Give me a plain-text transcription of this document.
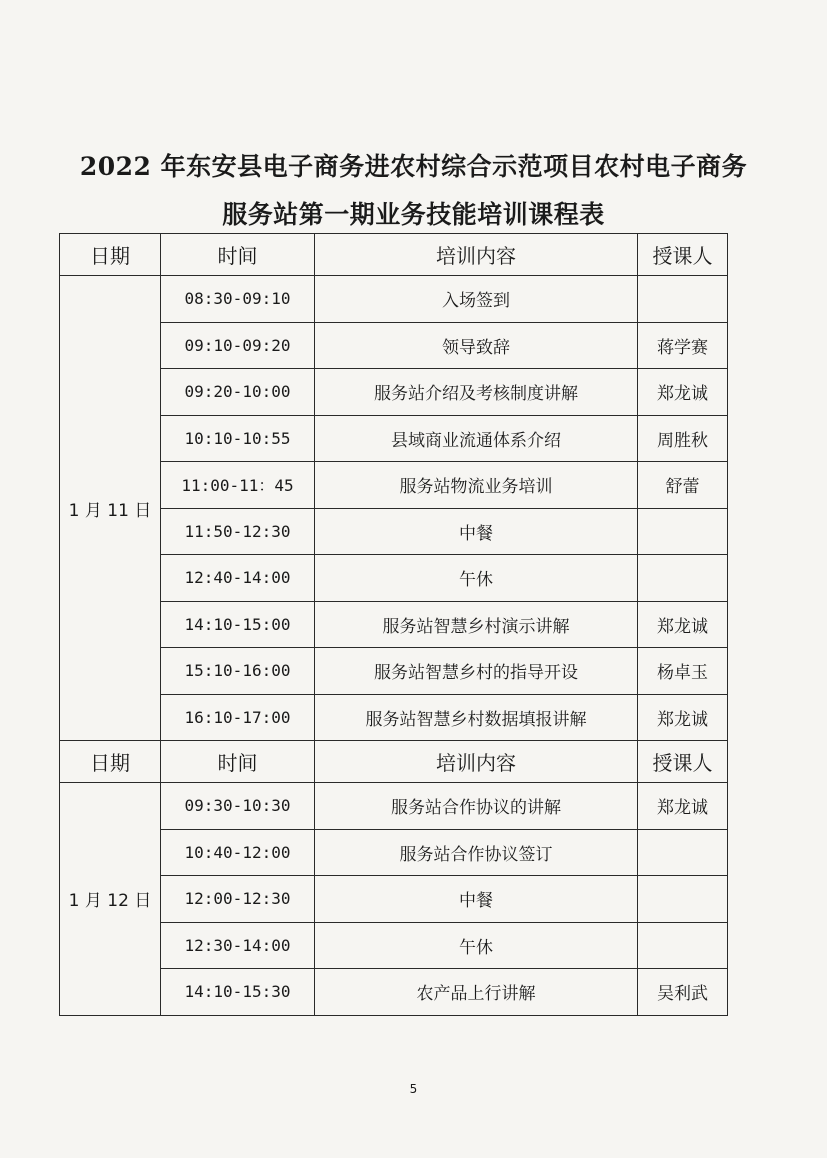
2022 年东安县电子商务进农村综合示范项目农村电子商务
服务站第一期业务技能培训课程表
日期	时间	培训内容	授课人
1 月 11 日	08:30-09:10	入场签到	
	09:10-09:20	领导致辞	蒋学赛
	09:20-10:00	服务站介绍及考核制度讲解	郑龙诚
	10:10-10:55	县域商业流通体系介绍	周胜秋
	11:00-11：45	服务站物流业务培训	舒蕾
	11:50-12:30	中餐	
	12:40-14:00	午休	
	14:10-15:00	服务站智慧乡村演示讲解	郑龙诚
	15:10-16:00	服务站智慧乡村的指导开设	杨卓玉
	16:10-17:00	服务站智慧乡村数据填报讲解	郑龙诚
日期	时间	培训内容	授课人
1 月 12 日	09:30-10:30	服务站合作协议的讲解	郑龙诚
	10:40-12:00	服务站合作协议签订	
	12:00-12:30	中餐	
	12:30-14:00	午休	
	14:10-15:30	农产品上行讲解	吴利武
5
